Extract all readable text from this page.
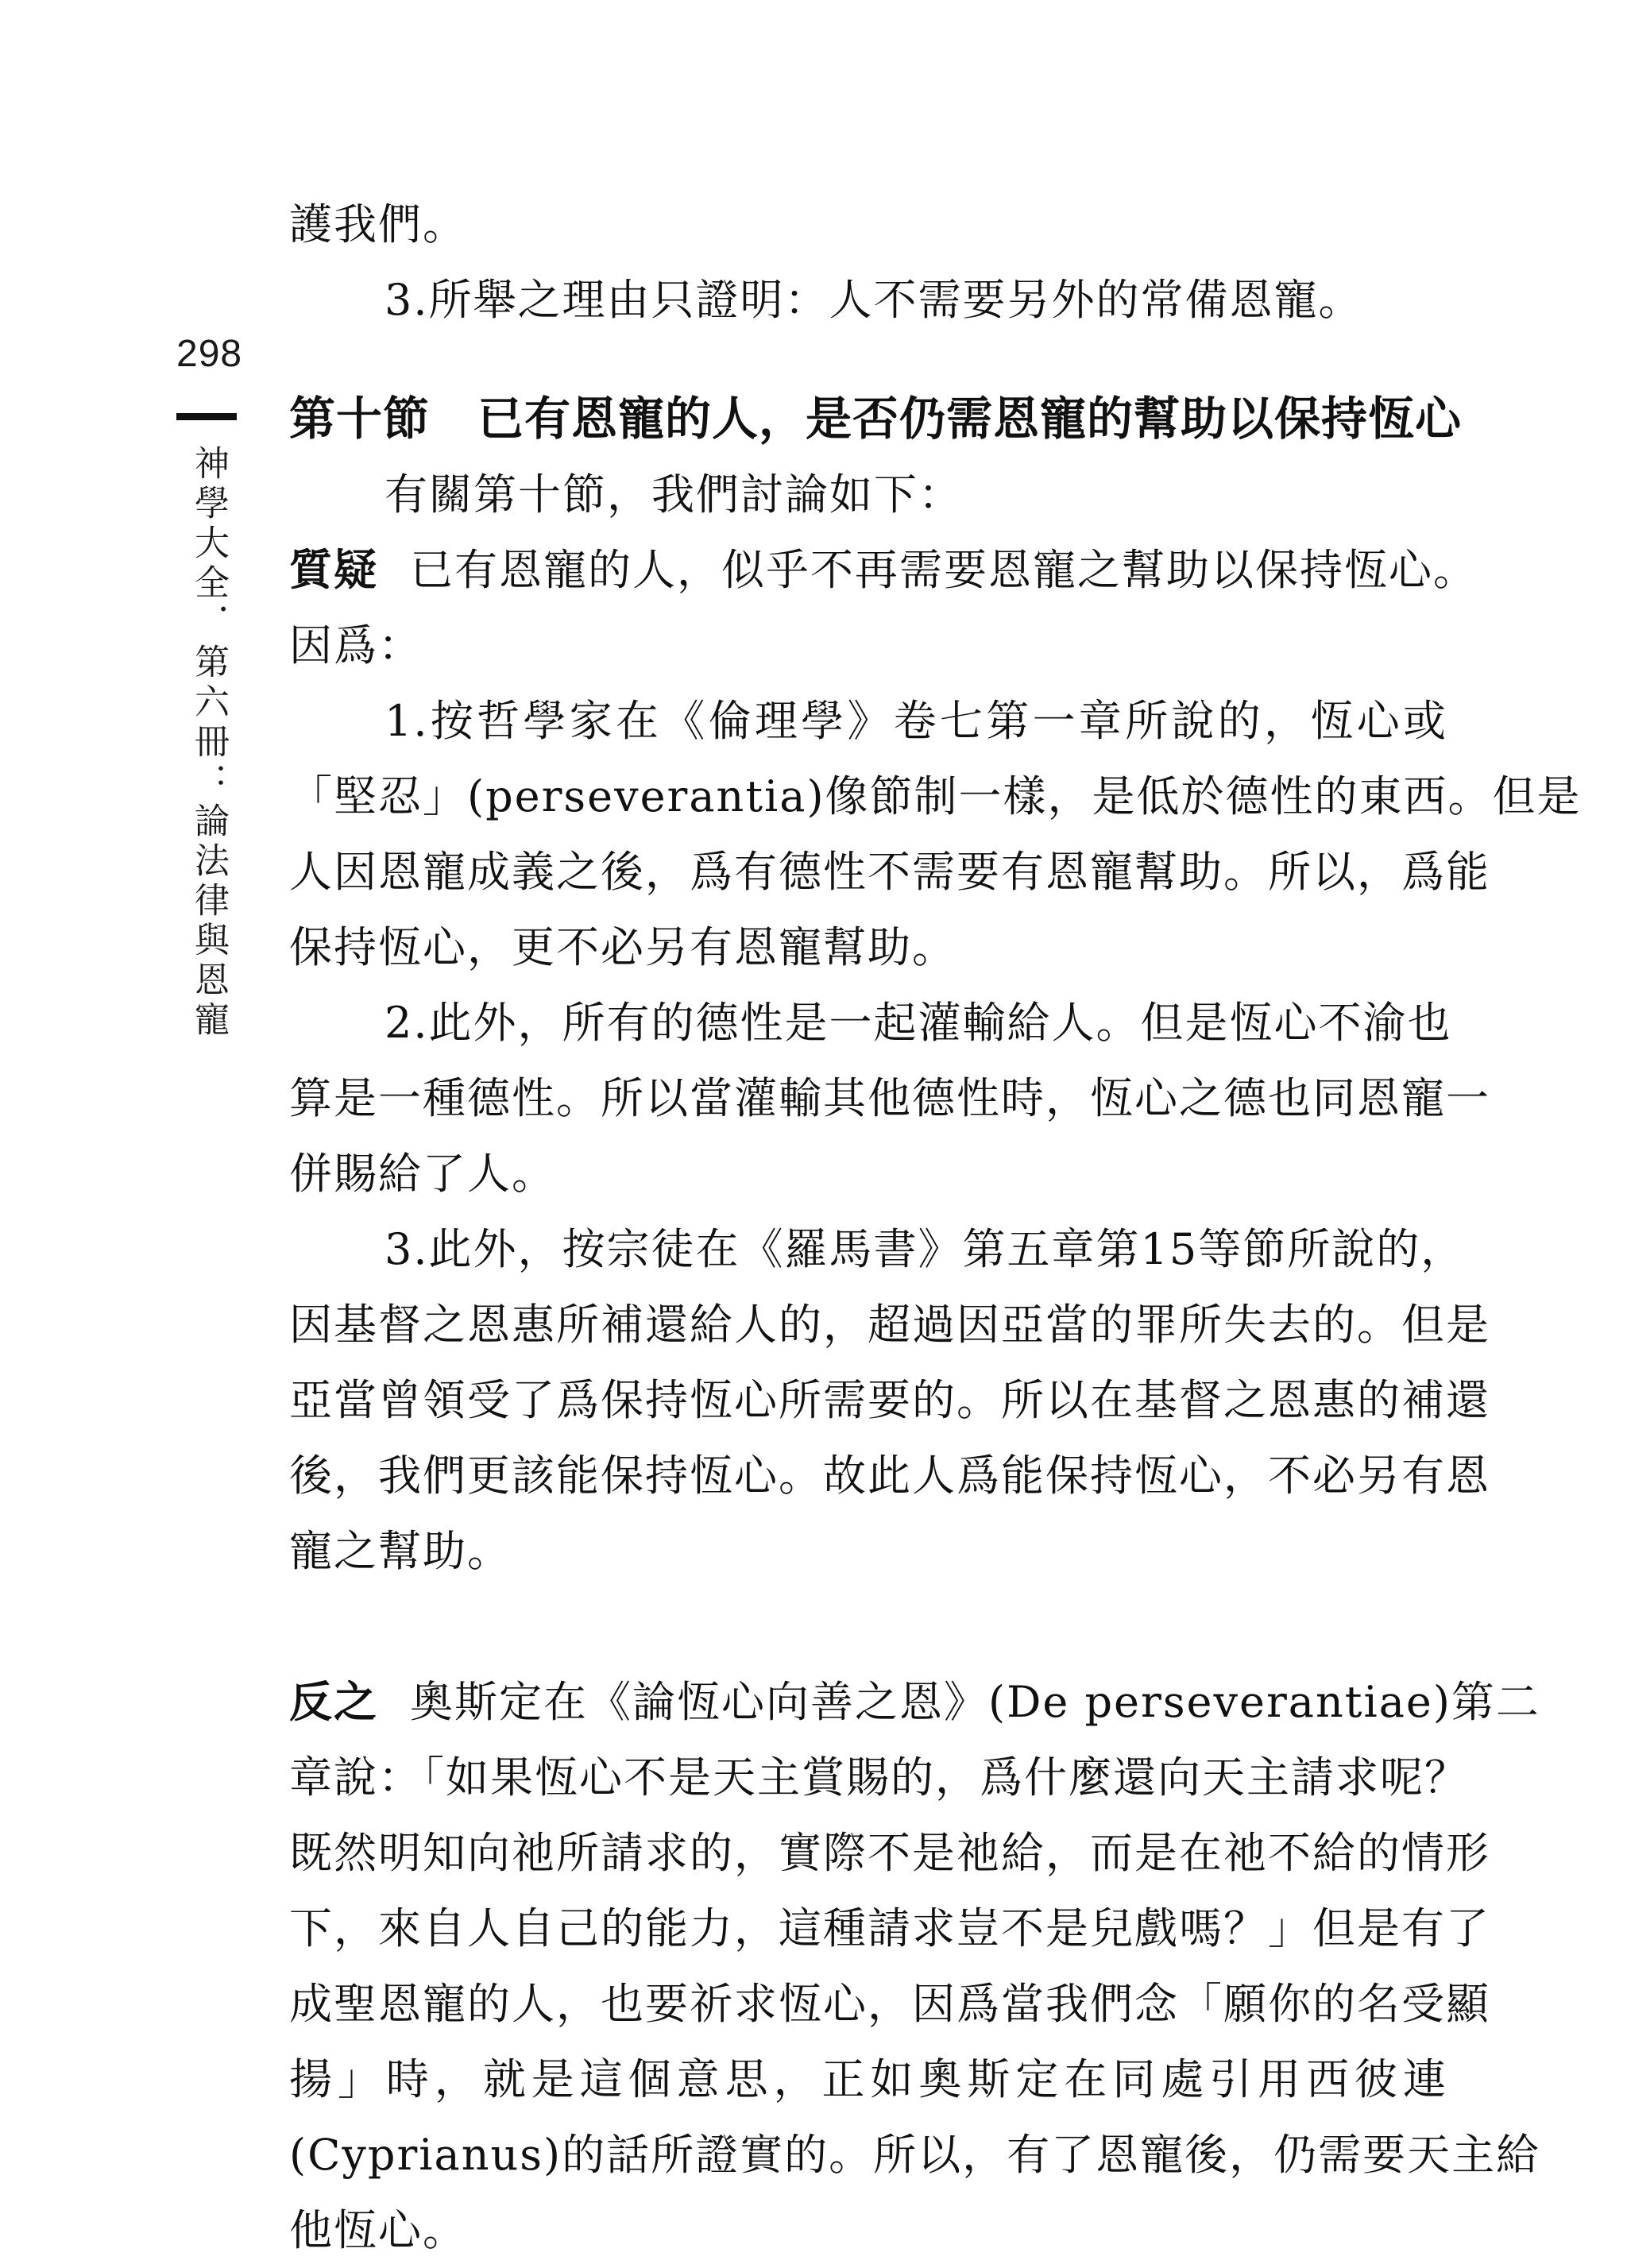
298
神學大全．第六冊：論法律與恩寵
護我們。
3.所舉之理由只證明：人不需要另外的常備恩寵。
第十節 已有恩寵的人，是否仍需恩寵的幫助以保持恆心
有關第十節，我們討論如下：
質疑 已有恩寵的人，似乎不再需要恩寵之幫助以保持恆心。
因爲：
1.按哲學家在《倫理學》卷七第一章所說的，恆心或
「堅忍」(perseverantia)像節制一樣，是低於德性的東西。但是
人因恩寵成義之後，爲有德性不需要有恩寵幫助。所以，爲能
保持恆心，更不必另有恩寵幫助。
2.此外，所有的德性是一起灌輸給人。但是恆心不渝也
算是一種德性。所以當灌輸其他德性時，恆心之德也同恩寵一
併賜給了人。
3.此外，按宗徒在《羅馬書》第五章第15等節所說的，
因基督之恩惠所補還給人的，超過因亞當的罪所失去的。但是
亞當曾領受了爲保持恆心所需要的。所以在基督之恩惠的補還
後，我們更該能保持恆心。故此人爲能保持恆心，不必另有恩
寵之幫助。
反之 奧斯定在《論恆心向善之恩》(De perseverantiae)第二
章說：「如果恆心不是天主賞賜的，爲什麼還向天主請求呢？
既然明知向祂所請求的，實際不是祂給，而是在祂不給的情形
下，來自人自己的能力，這種請求豈不是兒戲嗎？」但是有了
成聖恩寵的人，也要祈求恆心，因爲當我們念「願你的名受顯
揚」時，就是這個意思，正如奧斯定在同處引用西彼連
(Cyprianus)的話所證實的。所以，有了恩寵後，仍需要天主給
他恆心。
